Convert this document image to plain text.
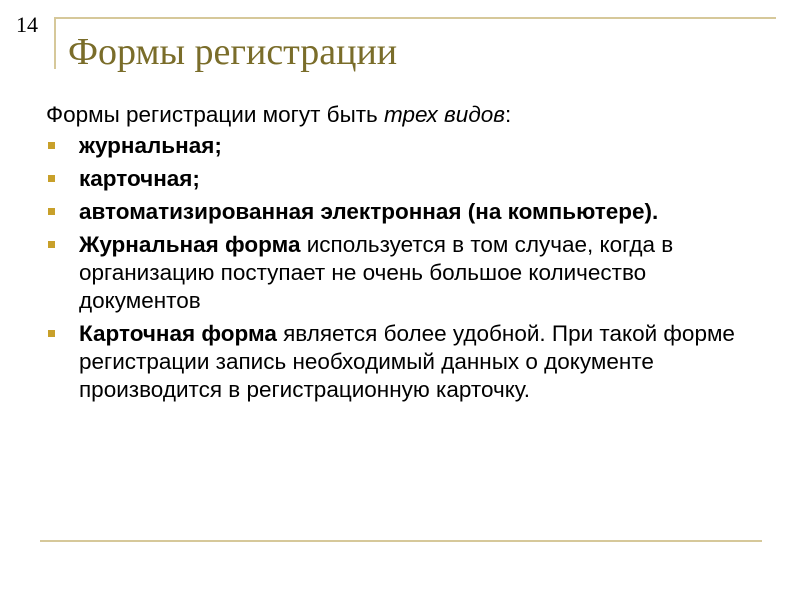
14
Формы регистрации

Формы регистрации могут быть трех видов:

журнальная;
карточная;
автоматизированная электронная (на компьютере).
Журнальная форма используется в том случае, когда в организацию поступает не очень большое количество документов
Карточная форма является более удобной. При такой форме регистрации запись необходимый данных о документе производится в регистрационную карточку.
